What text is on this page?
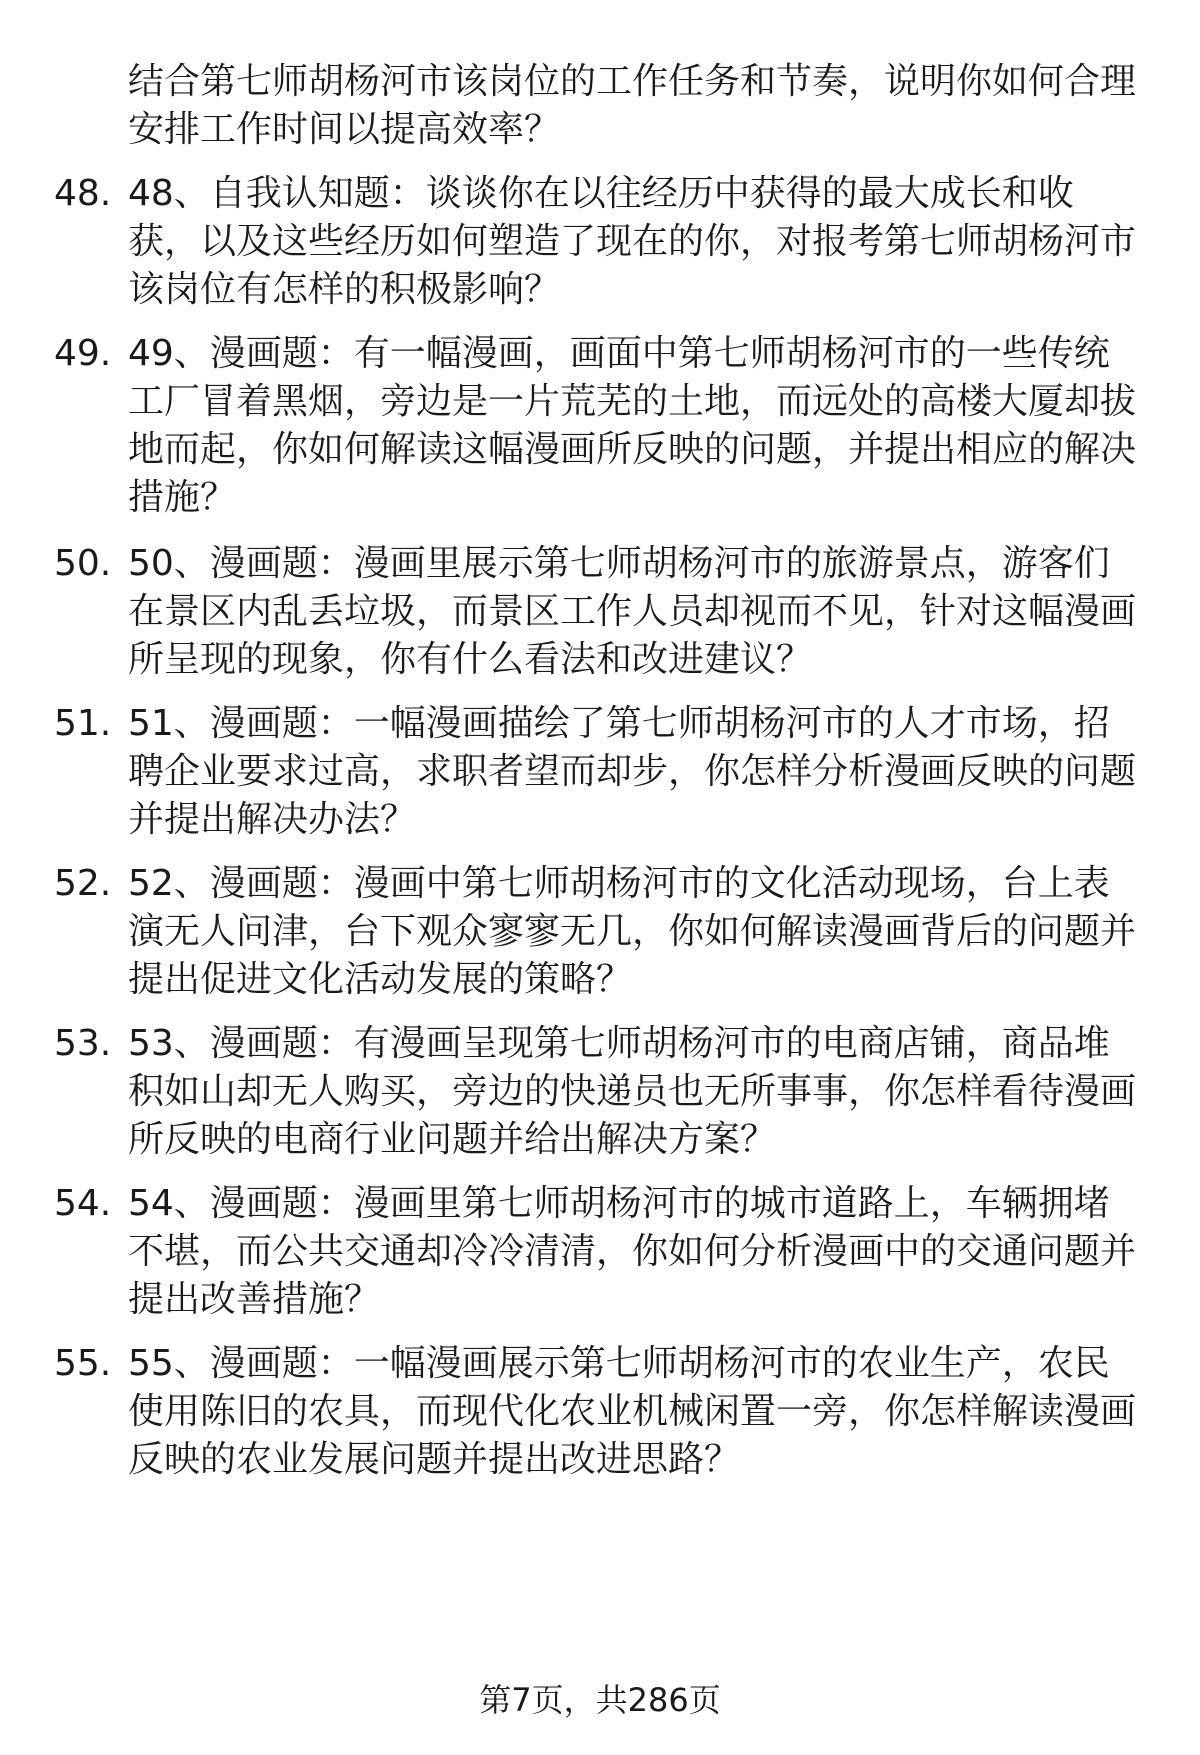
结合第七师胡杨河市该岗位的工作任务和节奏，说明你如何合理安排工作时间以提高效率？
48. 48、自我认知题：谈谈你在以往经历中获得的最大成长和收获，以及这些经历如何塑造了现在的你，对报考第七师胡杨河市该岗位有怎样的积极影响？
49. 49、漫画题：有一幅漫画，画面中第七师胡杨河市的一些传统工厂冒着黑烟，旁边是一片荒芜的土地，而远处的高楼大厦却拔地而起，你如何解读这幅漫画所反映的问题，并提出相应的解决措施？
50. 50、漫画题：漫画里展示第七师胡杨河市的旅游景点，游客们在景区内乱丢垃圾，而景区工作人员却视而不见，针对这幅漫画所呈现的现象，你有什么看法和改进建议？
51. 51、漫画题：一幅漫画描绘了第七师胡杨河市的人才市场，招聘企业要求过高，求职者望而却步，你怎样分析漫画反映的问题并提出解决办法？
52. 52、漫画题：漫画中第七师胡杨河市的文化活动现场，台上表演无人问津，台下观众寥寥无几，你如何解读漫画背后的问题并提出促进文化活动发展的策略？
53. 53、漫画题：有漫画呈现第七师胡杨河市的电商店铺，商品堆积如山却无人购买，旁边的快递员也无所事事，你怎样看待漫画所反映的电商行业问题并给出解决方案？
54. 54、漫画题：漫画里第七师胡杨河市的城市道路上，车辆拥堵不堪，而公共交通却冷冷清清，你如何分析漫画中的交通问题并提出改善措施？
55. 55、漫画题：一幅漫画展示第七师胡杨河市的农业生产，农民使用陈旧的农具，而现代化农业机械闲置一旁，你怎样解读漫画反映的农业发展问题并提出改进思路？
第7页，共286页
